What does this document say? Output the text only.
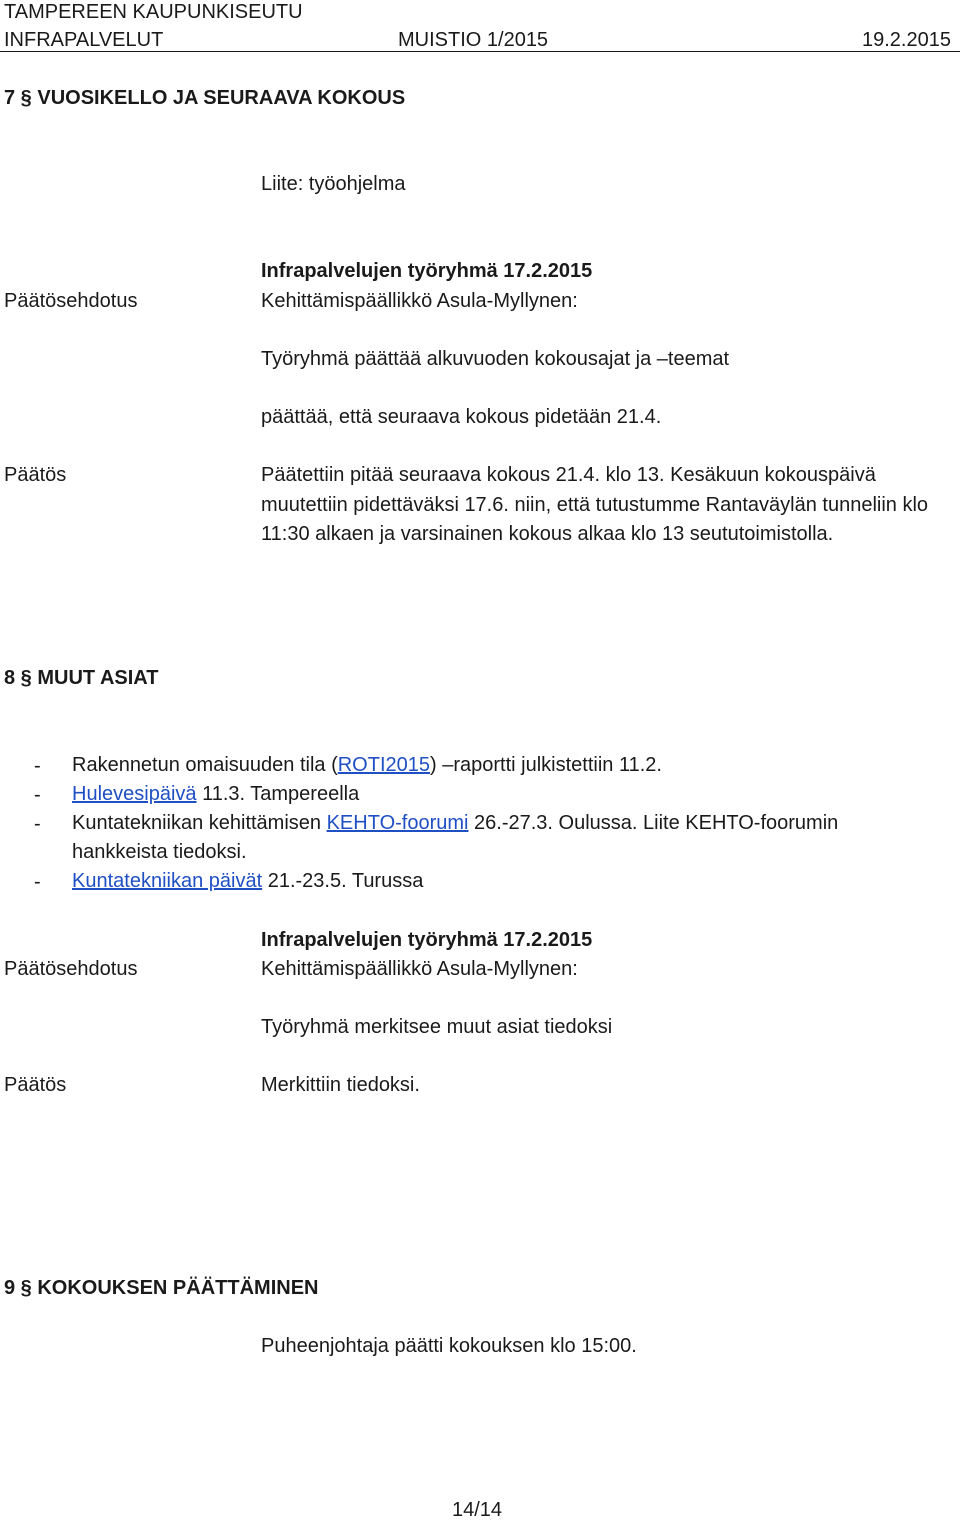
TAMPEREEN KAUPUNKISEUTU
INFRAPALVELUT	MUISTIO 1/2015	19.2.2015
7 § VUOSIKELLO JA SEURAAVA KOKOUS
Liite: työohjelma
Infrapalvelujen työryhmä 17.2.2015
Päätösehdotus	Kehittämispäällikkö Asula-Myllynen:
Työryhmä päättää alkuvuoden kokousajat ja –teemat
päättää, että seuraava kokous pidetään 21.4.
Päätös	Päätettiin pitää seuraava kokous 21.4. klo 13. Kesäkuun kokouspäivä muutettiin pidettäväksi 17.6. niin, että tutustumme Rantaväylän tunneliin klo 11:30 alkaen ja varsinainen kokous alkaa klo 13 seututoimistolla.
8 § MUUT ASIAT
- Rakennetun omaisuuden tila (ROTI2015) –raportti julkistettiin 11.2.
- Hulevesipäivä 11.3. Tampereella
- Kuntatekniikan kehittämisen KEHTO-foorumi 26.-27.3. Oulussa. Liite KEHTO-foorumin hankkeista tiedoksi.
- Kuntatekniikan päivät 21.-23.5. Turussa
Infrapalvelujen työryhmä 17.2.2015
Päätösehdotus	Kehittämispäällikkö Asula-Myllynen:
Työryhmä merkitsee muut asiat tiedoksi
Päätös	Merkittiin tiedoksi.
9 § KOKOUKSEN PÄÄTTÄMINEN
Puheenjohtaja päätti kokouksen klo 15:00.
14/14
